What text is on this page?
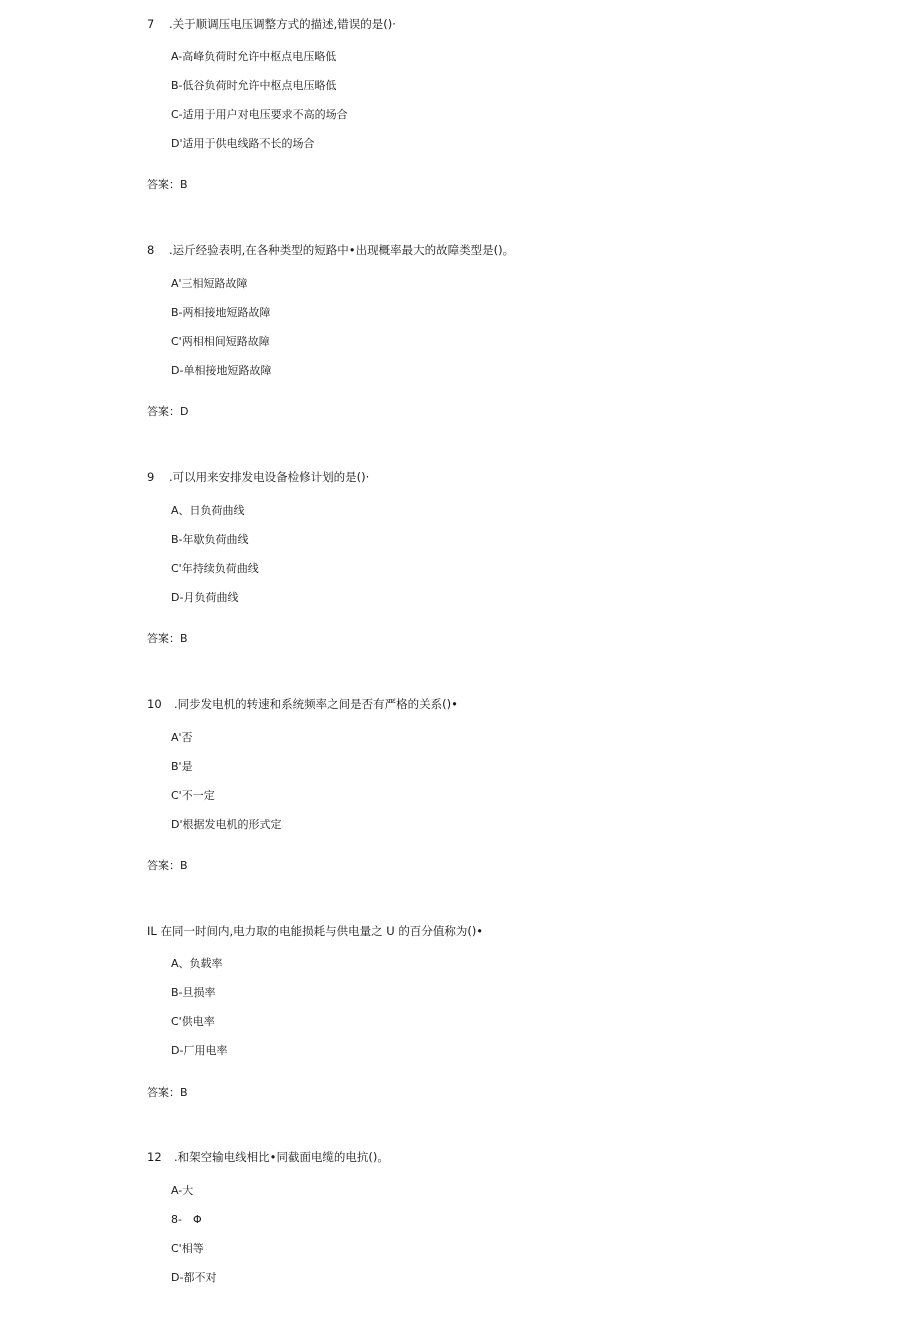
7 .关于顺调压电压调整方式的描述,错误的是()·
A-高峰负荷时允许中枢点电压略低
B-低谷负荷时允许中枢点电压略低
C-适用于用户对电压要求不高的场合
D'适用于供电线路不长的场合
答案：B
8 .运斤经验表明,在各种类型的短路中•出现概率最大的故障类型是()。
A'三相短路故障
B-两相接地短路故障
C'两相相间短路故障
D-单相接地短路故障
答案：D
9 .可以用来安排发电设备检修计划的是()·
A、日负荷曲线
B-年歇负荷曲线
C'年持续负荷曲线
D-月负荷曲线
答案：B
10 .同步发电机的转速和系统频率之间是否有严格的关系()•
A'否
B'是
C'不一定
D'根据发电机的形式定
答案：B
IL 在同一时间内,电力取的电能损耗与供电量之 U 的百分值称为()•
A、负载率
B-旦损率
C'供电率
D-厂用电率
答案：B
12 .和架空输电线相比•同截面电缆的电抗()。
A-大
8-　Φ
C'相等
D-都不对
